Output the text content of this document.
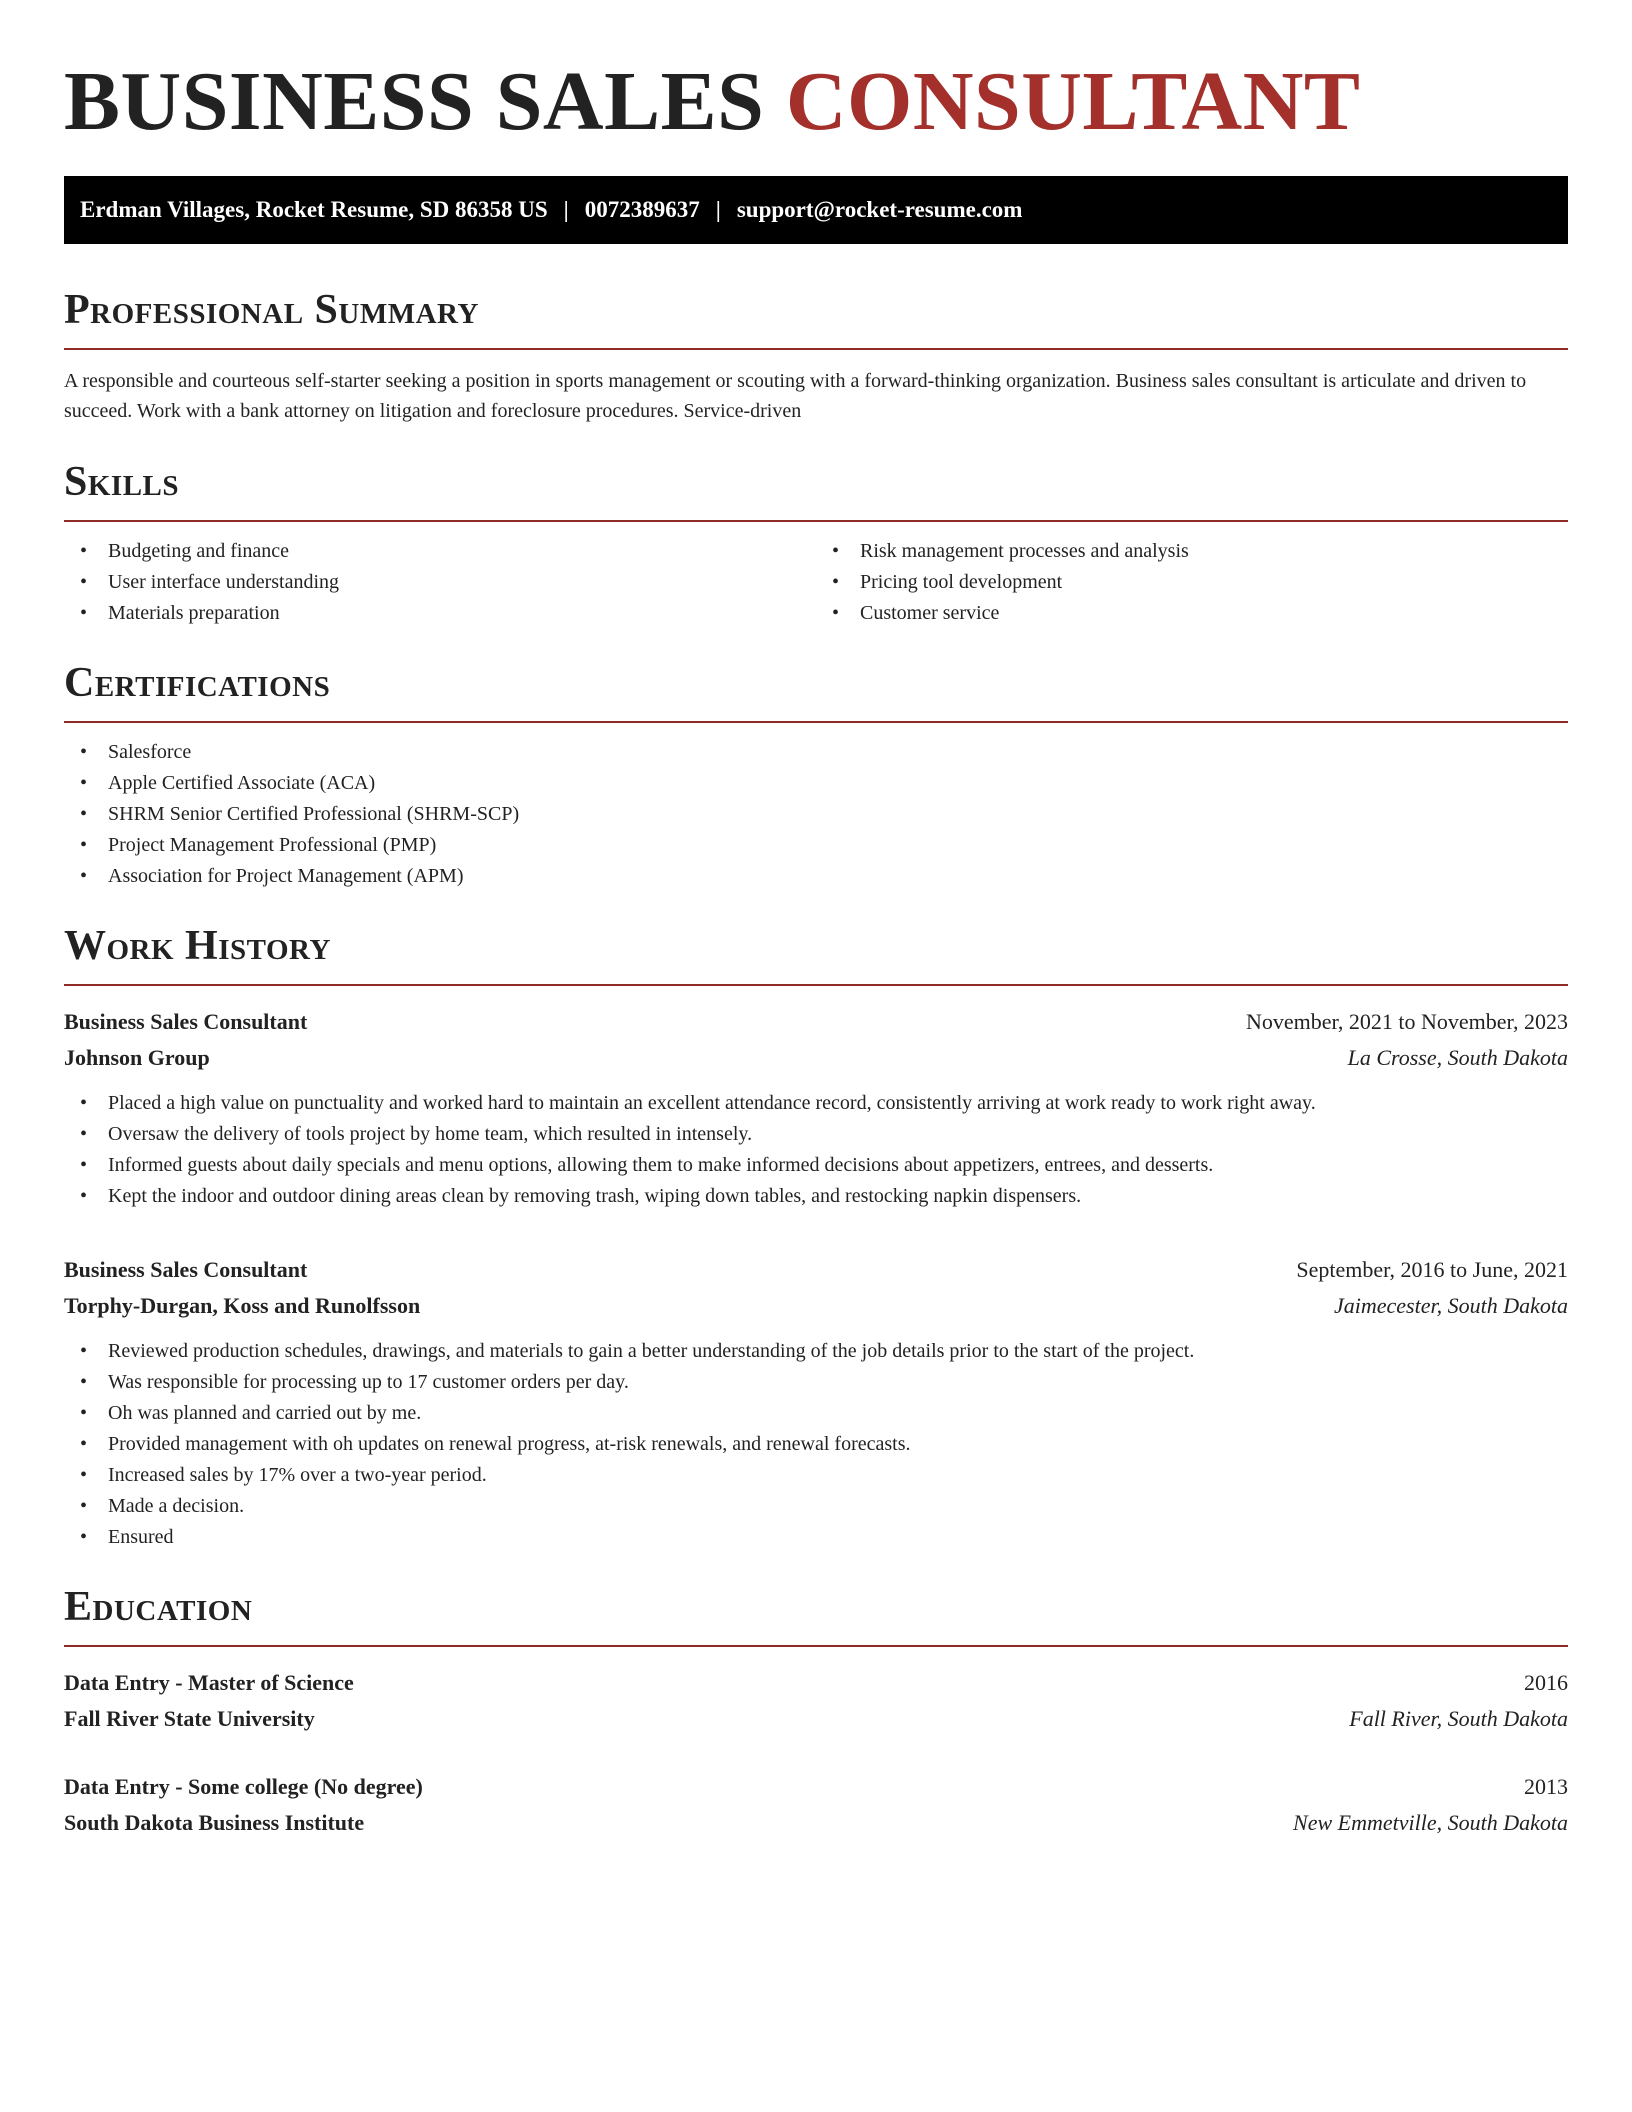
BUSINESS SALES CONSULTANT
Erdman Villages, Rocket Resume, SD 86358 US | 0072389637 | support@rocket-resume.com
Professional Summary

A responsible and courteous self-starter seeking a position in sports management or scouting with a forward-thinking organization. Business sales consultant is articulate and driven to succeed. Work with a bank attorney on litigation and foreclosure procedures. Service-driven

Skills
• Budgeting and finance
• User interface understanding
• Materials preparation
• Risk management processes and analysis
• Pricing tool development
• Customer service
Certifications
• Salesforce
• Apple Certified Associate (ACA)
• SHRM Senior Certified Professional (SHRM-SCP)
• Project Management Professional (PMP)
• Association for Project Management (APM)
Work History
Business Sales Consultant	November, 2021 to November, 2023
Johnson Group	La Crosse, South Dakota
• Placed a high value on punctuality and worked hard to maintain an excellent attendance record, consistently arriving at work ready to work right away.
• Oversaw the delivery of tools project by home team, which resulted in intensely.
• Informed guests about daily specials and menu options, allowing them to make informed decisions about appetizers, entrees, and desserts.
• Kept the indoor and outdoor dining areas clean by removing trash, wiping down tables, and restocking napkin dispensers.
Business Sales Consultant	September, 2016 to June, 2021
Torphy-Durgan, Koss and Runolfsson	Jaimecester, South Dakota
• Reviewed production schedules, drawings, and materials to gain a better understanding of the job details prior to the start of the project.
• Was responsible for processing up to 17 customer orders per day.
• Oh was planned and carried out by me.
• Provided management with oh updates on renewal progress, at-risk renewals, and renewal forecasts.
• Increased sales by 17% over a two-year period.
• Made a decision.
• Ensured
Education
Data Entry - Master of Science	2016
Fall River State University	Fall River, South Dakota
Data Entry - Some college (No degree)	2013
South Dakota Business Institute	New Emmetville, South Dakota
